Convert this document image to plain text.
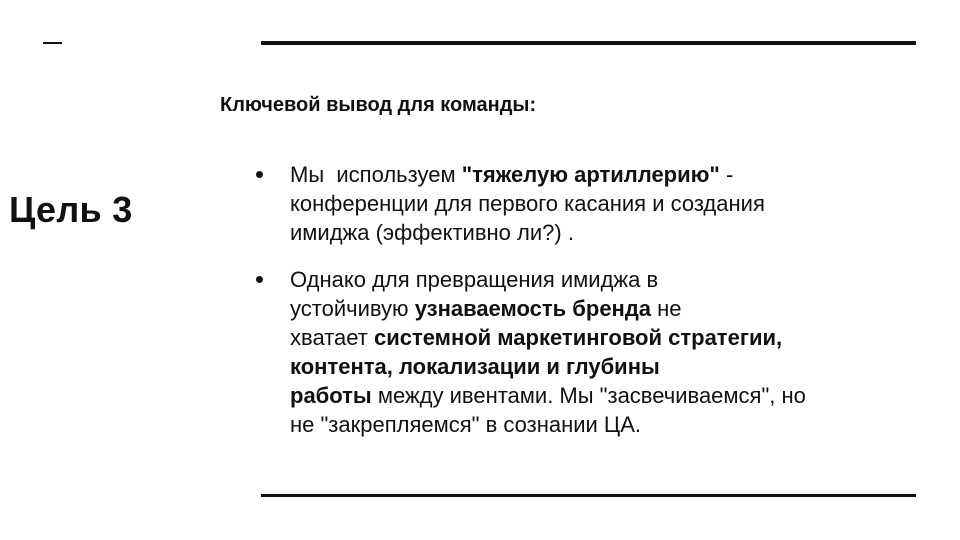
Цель 3
Ключевой вывод для команды:
Мы  используем "тяжелую артиллерию" -
конференции для первого касания и создания
имиджа (эффективно ли?) .
Однако для превращения имиджа в
устойчивую узнаваемость бренда не
хватает системной маркетинговой стратегии,
контента, локализации и глубины
работы между ивентами. Мы "засвечиваемся", но
не "закрепляемся" в сознании ЦА.
